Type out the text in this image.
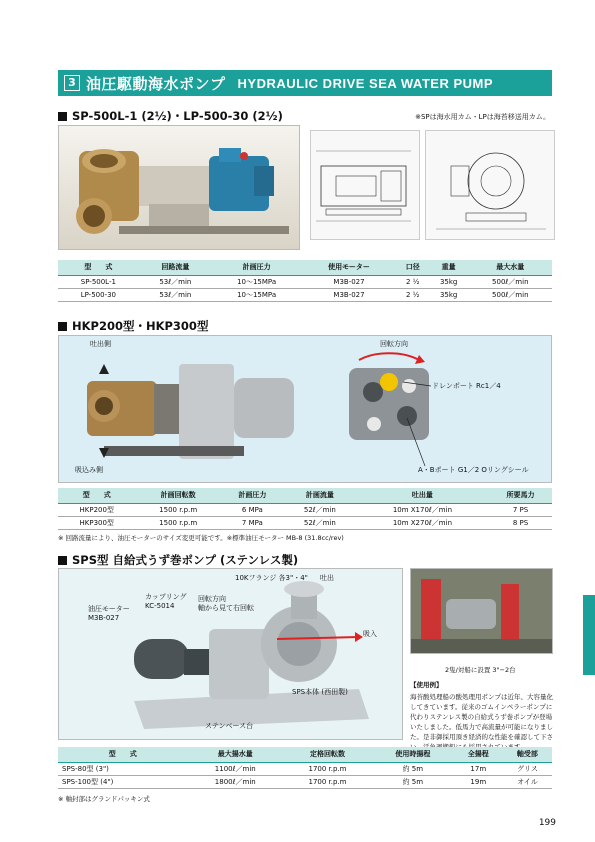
3 油圧駆動海水ポンプ HYDRAULIC DRIVE SEA WATER PUMP
SP-500L-1 (2½)・LP-500-30 (2½)	※SPは海水用カム・LPは海苔移送用カム。
型　　式	回路流量	計画圧力	使用モーター	口径	重量	最大水量
SP-500L-1	53ℓ／min	10～15MPa	M3B-027	2 ½	35kg	500ℓ／min
LP-500-30	53ℓ／min	10～15MPa	M3B-027	2 ½	35kg	500ℓ／min
HKP200型・HKP300型
吐出側
吸込み側
回転方向
ドレンポート Rc1／4
A・Bポート G1／2 Oリングシール
型　　式	計画回転数	計画圧力	計画流量	吐出量	所要馬力
HKP200型	1500 r.p.m	6 MPa	52ℓ／min	10m X170ℓ／min	7 PS
HKP300型	1500 r.p.m	7 MPa	52ℓ／min	10m X270ℓ／min	8 PS
※ 回路流量により、油圧モーターのサイズ変更可能です。※標準油圧モーター MB-8 (31.8cc/rev)
SPS型 自給式うず巻ポンプ (ステンレス製)
10Kフランジ 各3"・4" 吐出
カップリング
KC-5014
回転方向
軸から見て右回転
油圧モーター
M3B-027
吸入
SPS本体 (西田製)
ステンベース台
2隻/対船に設置 3"−2台
【使用例】
海苔酸処理船の酸処理用ポンプは近年、大容量化してきています。従来のゴムインペラーポンプに代わりステンレス製の自給式うず巻ポンプが登場いたしました。低馬力で高流量が可能になりました。是非御採用頂き経済的な性能を確認して下さ
型　　式	最大揚水量	定格回転数	使用時揚程	全揚程	軸受部
SPS-80型 (3")	1100ℓ／min	1700 r.p.m	約 5m	17m	グリス
SPS-100型 (4")	1800ℓ／min	1700 r.p.m	約 5m	19m	オイル
※ 軸封部はグランドパッキン式
199
